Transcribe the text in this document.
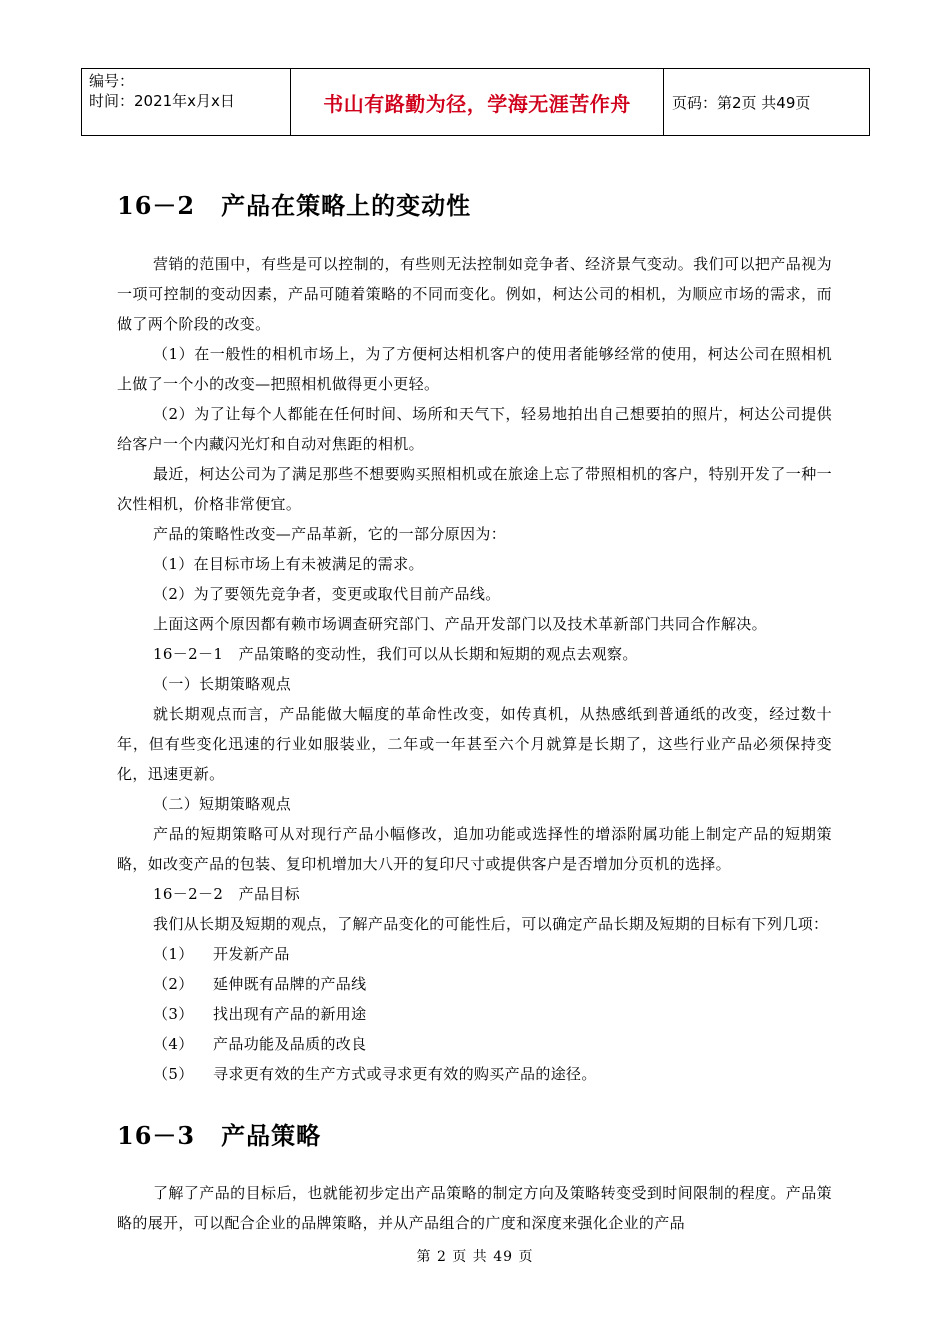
编号：
时间：2021年x月x日	书山有路勤为径，学海无涯苦作舟	页码：第2页 共49页
16－2 产品在策略上的变动性

营销的范围中，有些是可以控制的，有些则无法控制如竞争者、经济景气变动。我们可以把产品视为一项可控制的变动因素，产品可随着策略的不同而变化。例如，柯达公司的相机，为顺应市场的需求，而做了两个阶段的改变。

（1）在一般性的相机市场上，为了方便柯达相机客户的使用者能够经常的使用，柯达公司在照相机上做了一个小的改变—把照相机做得更小更轻。

（2）为了让每个人都能在任何时间、场所和天气下，轻易地拍出自己想要拍的照片，柯达公司提供给客户一个内藏闪光灯和自动对焦距的相机。

最近，柯达公司为了满足那些不想要购买照相机或在旅途上忘了带照相机的客户，特别开发了一种一次性相机，价格非常便宜。

产品的策略性改变—产品革新，它的一部分原因为：

（1）在目标市场上有未被满足的需求。

（2）为了要领先竞争者，变更或取代目前产品线。

上面这两个原因都有赖市场调查研究部门、产品开发部门以及技术革新部门共同合作解决。

16－2－1　产品策略的变动性，我们可以从长期和短期的观点去观察。

（一）长期策略观点

就长期观点而言，产品能做大幅度的革命性改变，如传真机，从热感纸到普通纸的改变，经过数十年，但有些变化迅速的行业如服装业，二年或一年甚至六个月就算是长期了，这些行业产品必须保持变化，迅速更新。

（二）短期策略观点

产品的短期策略可从对现行产品小幅修改，追加功能或选择性的增添附属功能上制定产品的短期策略，如改变产品的包装、复印机增加大八开的复印尺寸或提供客户是否增加分页机的选择。

16－2－2　产品目标

我们从长期及短期的观点，了解产品变化的可能性后，可以确定产品长期及短期的目标有下列几项：

（1） 开发新产品

（2） 延伸既有品牌的产品线

（3） 找出现有产品的新用途

（4） 产品功能及品质的改良

（5） 寻求更有效的生产方式或寻求更有效的购买产品的途径。

16－3 产品策略

了解了产品的目标后，也就能初步定出产品策略的制定方向及策略转变受到时间限制的程度。产品策略的展开，可以配合企业的品牌策略，并从产品组合的广度和深度来强化企业的产品

第 2 页 共 49 页
